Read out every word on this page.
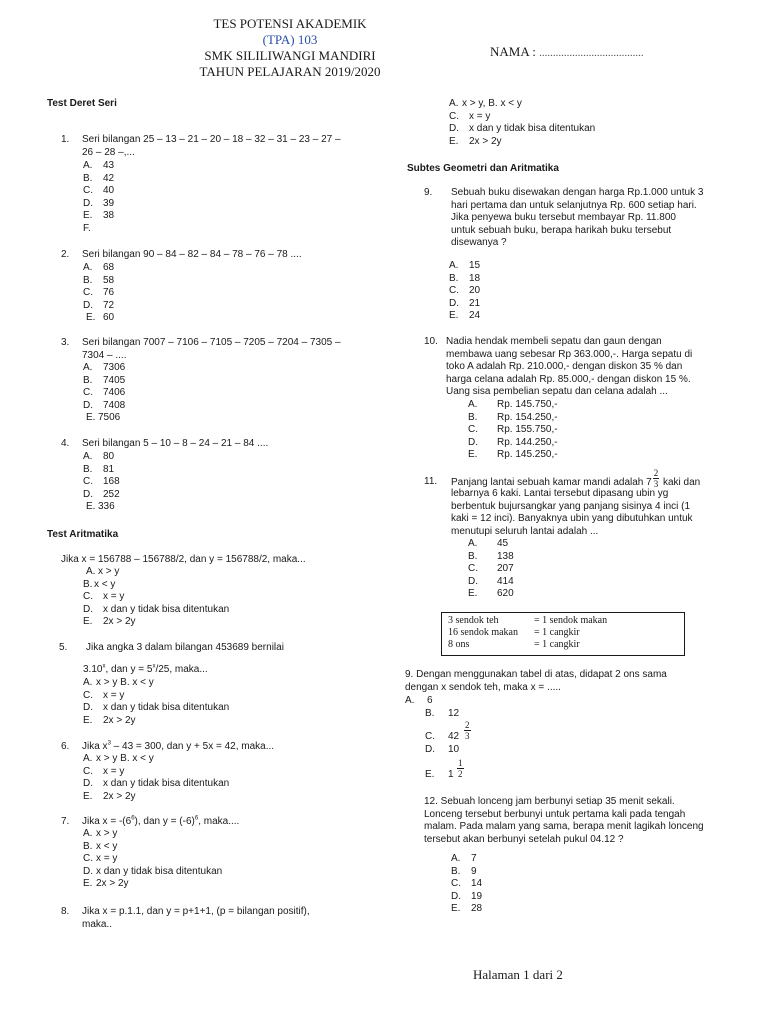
TES POTENSI AKADEMIK
(TPA) 103
SMK SILILIWANGI MANDIRI
TAHUN PELAJARAN 2019/2020
NAMA : ......................................
Test Deret Seri
1. Seri bilangan 25 – 13 – 21 – 20 – 18 – 32 – 31 – 23 – 27 –
26 – 28 –,...
A. 43
B. 42
C. 40
D. 39
E. 38
F.
2. Seri bilangan 90 – 84 – 82 – 84 – 78 – 76 – 78 ....
A. 68
B. 58
C. 76
D. 72
E. 60
3. Seri bilangan 7007 – 7106 – 7105 – 7205 – 7204 – 7305 –
7304 – ....
A. 7306
B. 7405
C. 7406
D. 7408
E. 7506
4. Seri bilangan 5 – 10 – 8 – 24 – 21 – 84 ....
A. 80
B. 81
C. 168
D. 252
E. 336
Test Aritmatika
Jika x = 156788 – 156788/2, dan y = 156788/2, maka...
A. x > y
B. x < y
C. x = y
D. x dan y tidak bisa ditentukan
E. 2x > 2y
5. Jika angka 3 dalam bilangan 453689 bernilai
3.10$^x$, dan $y = 5^x/25$, maka...
A. x > y B. x < y
C. x = y
D. x dan y tidak bisa ditentukan
E. 2x > 2y
6. Jika $x^3 - 43 = 300$, dan y + 5x = 42, maka...
A. x > y B. x < y
C. x = y
D. x dan y tidak bisa ditentukan
E. 2x > 2y
7. Jika $x = -(6^6)$, dan $y = (-6)^6$, maka....
A. x > y
B. x < y
C. x = y
D. x dan y tidak bisa ditentukan
E. 2x > 2y
8. Jika x = p.1.1, dan y = p+1+1, (p = bilangan positif),
maka..
A. x > y, B. x < y
C. x = y
D. x dan y tidak bisa ditentukan
E. 2x > 2y
Subtes Geometri dan Aritmatika
9. Sebuah buku disewakan dengan harga Rp.1.000 untuk 3
hari pertama dan untuk selanjutnya Rp. 600 setiap hari.
Jika penyewa buku tersebut membayar Rp. 11.800
untuk sebuah buku, berapa harikah buku tersebut
disewanya ?
A. 15
B. 18
C. 20
D. 21
E. 24
10. Nadia hendak membeli sepatu dan gaun dengan
membawa uang sebesar Rp 363.000,-. Harga sepatu di
toko A adalah Rp. 210.000,- dengan diskon 35 % dan
harga celana adalah Rp. 85.000,- dengan diskon 15 %.
Uang sisa pembelian sepatu dan celana adalah ...
A. Rp. 145.750,-
B. Rp. 154.250,-
C. Rp. 155.750,-
D. Rp. 144.250,-
E. Rp. 145.250,-
11. Panjang lantai sebuah kamar mandi adalah $7 \frac{2}{3}$ kaki dan
lebarnya 6 kaki. Lantai tersebut dipasang ubin yg
berbentuk bujursangkar yang panjang sisinya 4 inci (1
kaki = 12 inci). Banyaknya ubin yang dibutuhkan untuk
menutupi seluruh lantai adalah ...
A. 45
B. 138
C. 207
D. 414
E. 620
3 sendok teh	= 1 sendok makan
16 sendok makan = 1 cangkir
8 ons	= 1 cangkir
9. Dengan menggunakan tabel di atas, didapat 2 ons sama
dengan x sendok teh, maka x = .....
A. 6
B. 12
C. $42 \frac{2}{3}$
D. 10
E. $1 \frac{1}{2}$
12. Sebuah lonceng jam berbunyi setiap 35 menit sekali.
Lonceng tersebut berbunyi untuk pertama kali pada tengah
malam. Pada malam yang sama, berapa menit lagikah lonceng
tersebut akan berbunyi setelah pukul 04.12 ?
A. 7
B. 9
C. 14
D. 19
E. 28
Halaman 1 dari 2
